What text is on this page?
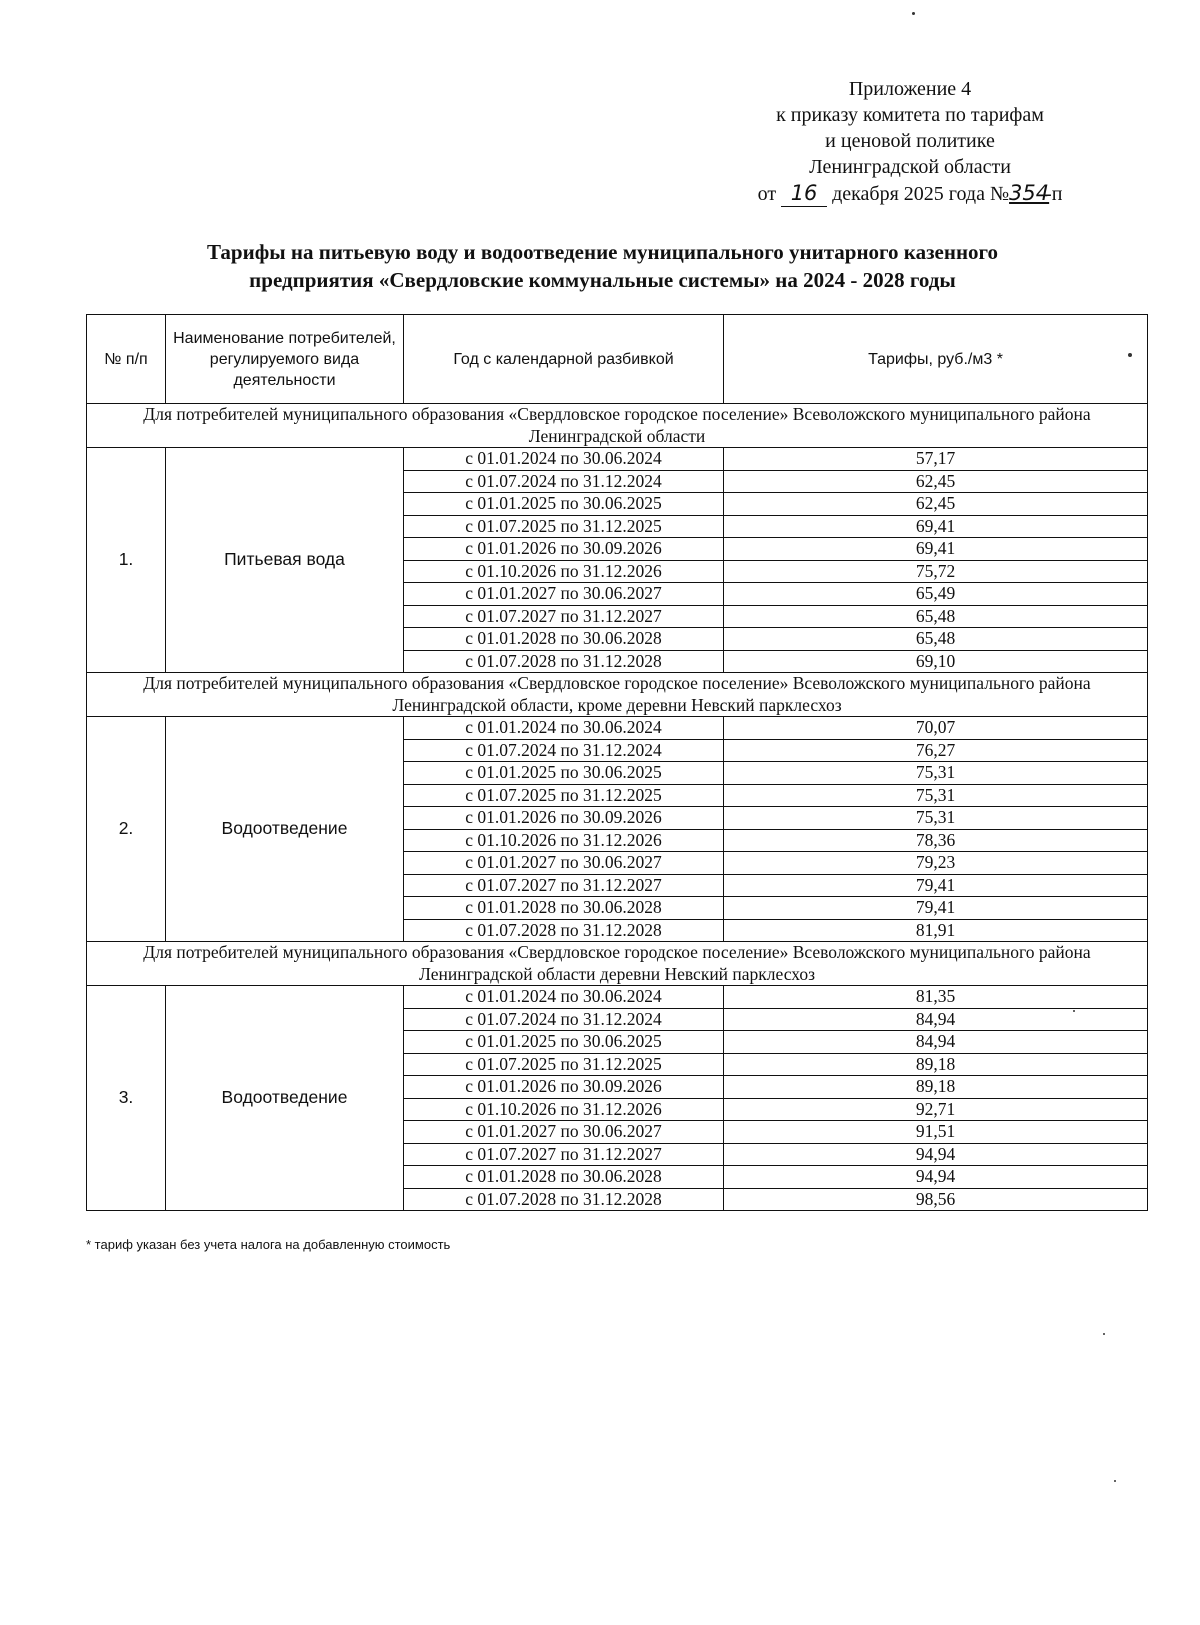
Приложение 4
к приказу комитета по тарифам
и ценовой политике
Ленинградской области
от 16 декабря 2025 года №354-п
Тарифы на питьевую воду и водоотведение муниципального унитарного казенного
предприятия «Свердловские коммунальные системы» на 2024 - 2028 годы
№ п/п	Наименование потребителей, регулируемого вида деятельности	Год с календарной разбивкой	Тарифы, руб./м3 *
Для потребителей муниципального образования «Свердловское городское поселение» Всеволожского муниципального района Ленинградской области			
1.	Питьевая вода	с 01.01.2024 по 30.06.2024	57,17
		с 01.07.2024 по 31.12.2024	62,45
		с 01.01.2025 по 30.06.2025	62,45
		с 01.07.2025 по 31.12.2025	69,41
		с 01.01.2026 по 30.09.2026	69,41
		с 01.10.2026 по 31.12.2026	75,72
		с 01.01.2027 по 30.06.2027	65,49
		с 01.07.2027 по 31.12.2027	65,48
		с 01.01.2028 по 30.06.2028	65,48
		с 01.07.2028 по 31.12.2028	69,10
Для потребителей муниципального образования «Свердловское городское поселение» Всеволожского муниципального района Ленинградской области, кроме деревни Невский парклесхоз			
2.	Водоотведение	с 01.01.2024 по 30.06.2024	70,07
		с 01.07.2024 по 31.12.2024	76,27
		с 01.01.2025 по 30.06.2025	75,31
		с 01.07.2025 по 31.12.2025	75,31
		с 01.01.2026 по 30.09.2026	75,31
		с 01.10.2026 по 31.12.2026	78,36
		с 01.01.2027 по 30.06.2027	79,23
		с 01.07.2027 по 31.12.2027	79,41
		с 01.01.2028 по 30.06.2028	79,41
		с 01.07.2028 по 31.12.2028	81,91
Для потребителей муниципального образования «Свердловское городское поселение» Всеволожского муниципального района Ленинградской области деревни Невский парклесхоз			
3.	Водоотведение	с 01.01.2024 по 30.06.2024	81,35
		с 01.07.2024 по 31.12.2024	84,94
		с 01.01.2025 по 30.06.2025	84,94
		с 01.07.2025 по 31.12.2025	89,18
		с 01.01.2026 по 30.09.2026	89,18
		с 01.10.2026 по 31.12.2026	92,71
		с 01.01.2027 по 30.06.2027	91,51
		с 01.07.2027 по 31.12.2027	94,94
		с 01.01.2028 по 30.06.2028	94,94
		с 01.07.2028 по 31.12.2028	98,56
* тариф указан без учета налога на добавленную стоимость
